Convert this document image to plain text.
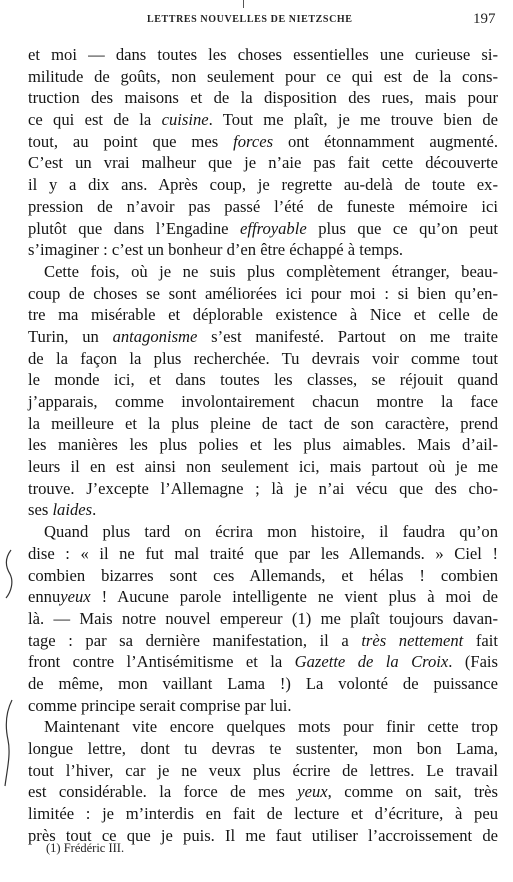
LETTRES NOUVELLES DE NIETZSCHE	197
et moi — dans toutes les choses essentielles une curieuse si-
militude de goûts, non seulement pour ce qui est de la cons-
truction des maisons et de la disposition des rues, mais pour
ce qui est de la cuisine. Tout me plaît, je me trouve bien de
tout, au point que mes forces ont étonnamment augmenté.
C’est un vrai malheur que je n’aie pas fait cette découverte
il y a dix ans. Après coup, je regrette au-delà de toute ex-
pression de n’avoir pas passé l’été de funeste mémoire ici
plutôt que dans l’Engadine effroyable plus que ce qu’on peut
s’imaginer : c’est un bonheur d’en être échappé à temps.
Cette fois, où je ne suis plus complètement étranger, beau-
coup de choses se sont améliorées ici pour moi : si bien qu’en-
tre ma misérable et déplorable existence à Nice et celle de
Turin, un antagonisme s’est manifesté. Partout on me traite
de la façon la plus recherchée. Tu devrais voir comme tout
le monde ici, et dans toutes les classes, se réjouit quand
j’apparais, comme involontairement chacun montre la face
la meilleure et la plus pleine de tact de son caractère, prend
les manières les plus polies et les plus aimables. Mais d’ail-
leurs il en est ainsi non seulement ici, mais partout où je me
trouve. J’excepte l’Allemagne ; là je n’ai vécu que des cho-
ses laides.
Quand plus tard on écrira mon histoire, il faudra qu’on
dise : « il ne fut mal traité que par les Allemands. » Ciel !
combien bizarres sont ces Allemands, et hélas ! combien
ennuyeux ! Aucune parole intelligente ne vient plus à moi de
là. — Mais notre nouvel empereur (1) me plaît toujours davan-
tage : par sa dernière manifestation, il a très nettement fait
front contre l’Antisémitisme et la Gazette de la Croix. (Fais
de même, mon vaillant Lama !) La volonté de puissance
comme principe serait comprise par lui.
Maintenant vite encore quelques mots pour finir cette trop
longue lettre, dont tu devras te sustenter, mon bon Lama,
tout l’hiver, car je ne veux plus écrire de lettres. Le travail
est considérable. la force de mes yeux, comme on sait, très
limitée : je m’interdis en fait de lecture et d’écriture, à peu
près tout ce que je puis. Il me faut utiliser l’accroissement de
(1) Frédéric III.
